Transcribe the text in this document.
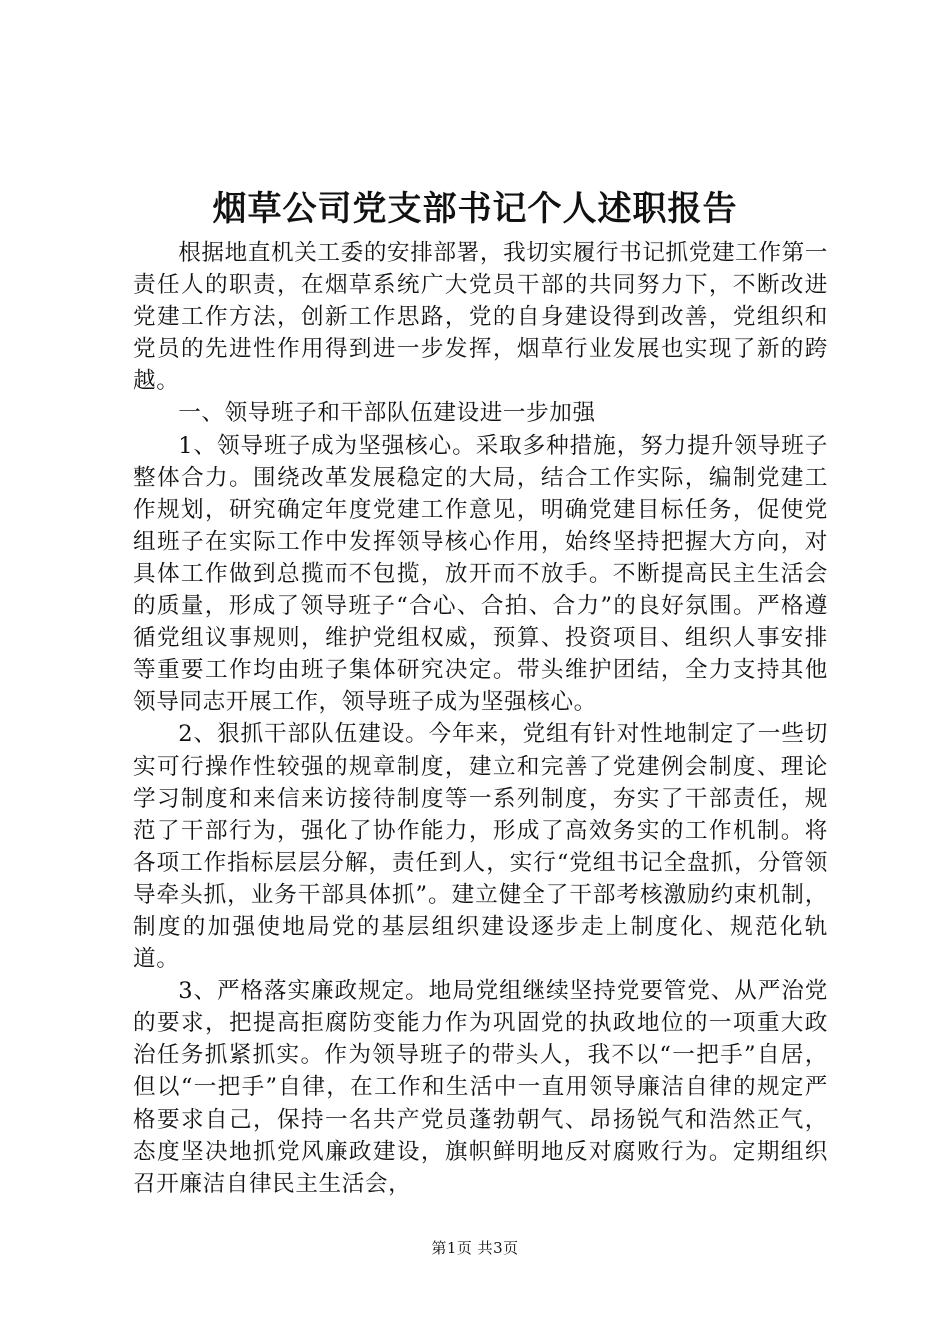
烟草公司党支部书记个人述职报告

根据地直机关工委的安排部署，我切实履行书记抓党建工作第一责任人的职责，在烟草系统广大党员干部的共同努力下，不断改进党建工作方法，创新工作思路，党的自身建设得到改善，党组织和党员的先进性作用得到进一步发挥，烟草行业发展也实现了新的跨越。

一、领导班子和干部队伍建设进一步加强

1、领导班子成为坚强核心。采取多种措施，努力提升领导班子整体合力。围绕改革发展稳定的大局，结合工作实际，编制党建工作规划，研究确定年度党建工作意见，明确党建目标任务，促使党组班子在实际工作中发挥领导核心作用，始终坚持把握大方向，对具体工作做到总揽而不包揽，放开而不放手。不断提高民主生活会的质量，形成了领导班子“合心、合拍、合力”的良好氛围。严格遵循党组议事规则，维护党组权威，预算、投资项目、组织人事安排等重要工作均由班子集体研究决定。带头维护团结，全力支持其他领导同志开展工作，领导班子成为坚强核心。

2、狠抓干部队伍建设。今年来，党组有针对性地制定了一些切实可行操作性较强的规章制度，建立和完善了党建例会制度、理论学习制度和来信来访接待制度等一系列制度，夯实了干部责任，规范了干部行为，强化了协作能力，形成了高效务实的工作机制。将各项工作指标层层分解，责任到人，实行“党组书记全盘抓，分管领导牵头抓，业务干部具体抓”。建立健全了干部考核激励约束机制，制度的加强使地局党的基层组织建设逐步走上制度化、规范化轨道。

3、严格落实廉政规定。地局党组继续坚持党要管党、从严治党的要求，把提高拒腐防变能力作为巩固党的执政地位的一项重大政治任务抓紧抓实。作为领导班子的带头人，我不以“一把手”自居，但以“一把手”自律，在工作和生活中一直用领导廉洁自律的规定严格要求自己，保持一名共产党员蓬勃朝气、昂扬锐气和浩然正气，态度坚决地抓党风廉政建设，旗帜鲜明地反对腐败行为。定期组织召开廉洁自律民主生活会，

第1页 共3页
